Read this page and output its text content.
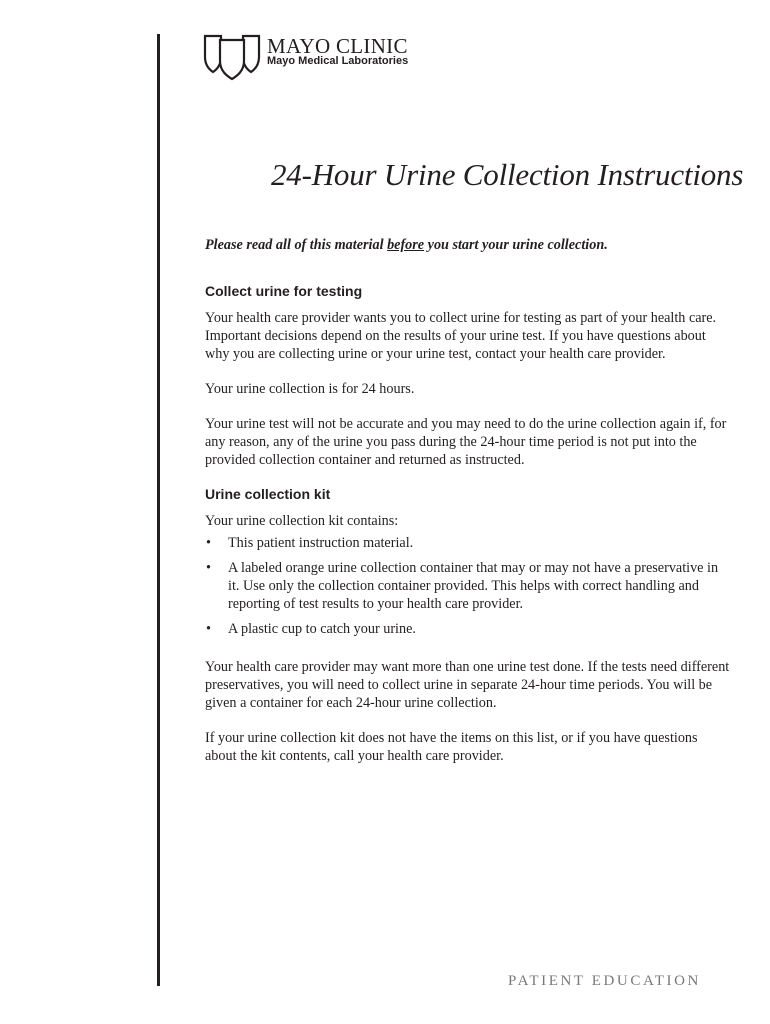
MAYO CLINIC
Mayo Medical Laboratories
24-Hour Urine Collection Instructions

Please read all of this material before you start your urine collection.

Collect urine for testing

Your health care provider wants you to collect urine for testing as part of your health care. Important decisions depend on the results of your urine test. If you have questions about why you are collecting urine or your urine test, contact your health care provider.

Your urine collection is for 24 hours.

Your urine test will not be accurate and you may need to do the urine collection again if, for any reason, any of the urine you pass during the 24-hour time period is not put into the provided collection container and returned as instructed.

Urine collection kit

Your urine collection kit contains:

• This patient instruction material.
• A labeled orange urine collection container that may or may not have a preservative in it. Use only the collection container provided. This helps with correct handling and reporting of test results to your health care provider.
• A plastic cup to catch your urine.

Your health care provider may want more than one urine test done. If the tests need different preservatives, you will need to collect urine in separate 24-hour time periods. You will be given a container for each 24-hour urine collection.

If your urine collection kit does not have the items on this list, or if you have questions about the kit contents, call your health care provider.

PATIENT EDUCATION
